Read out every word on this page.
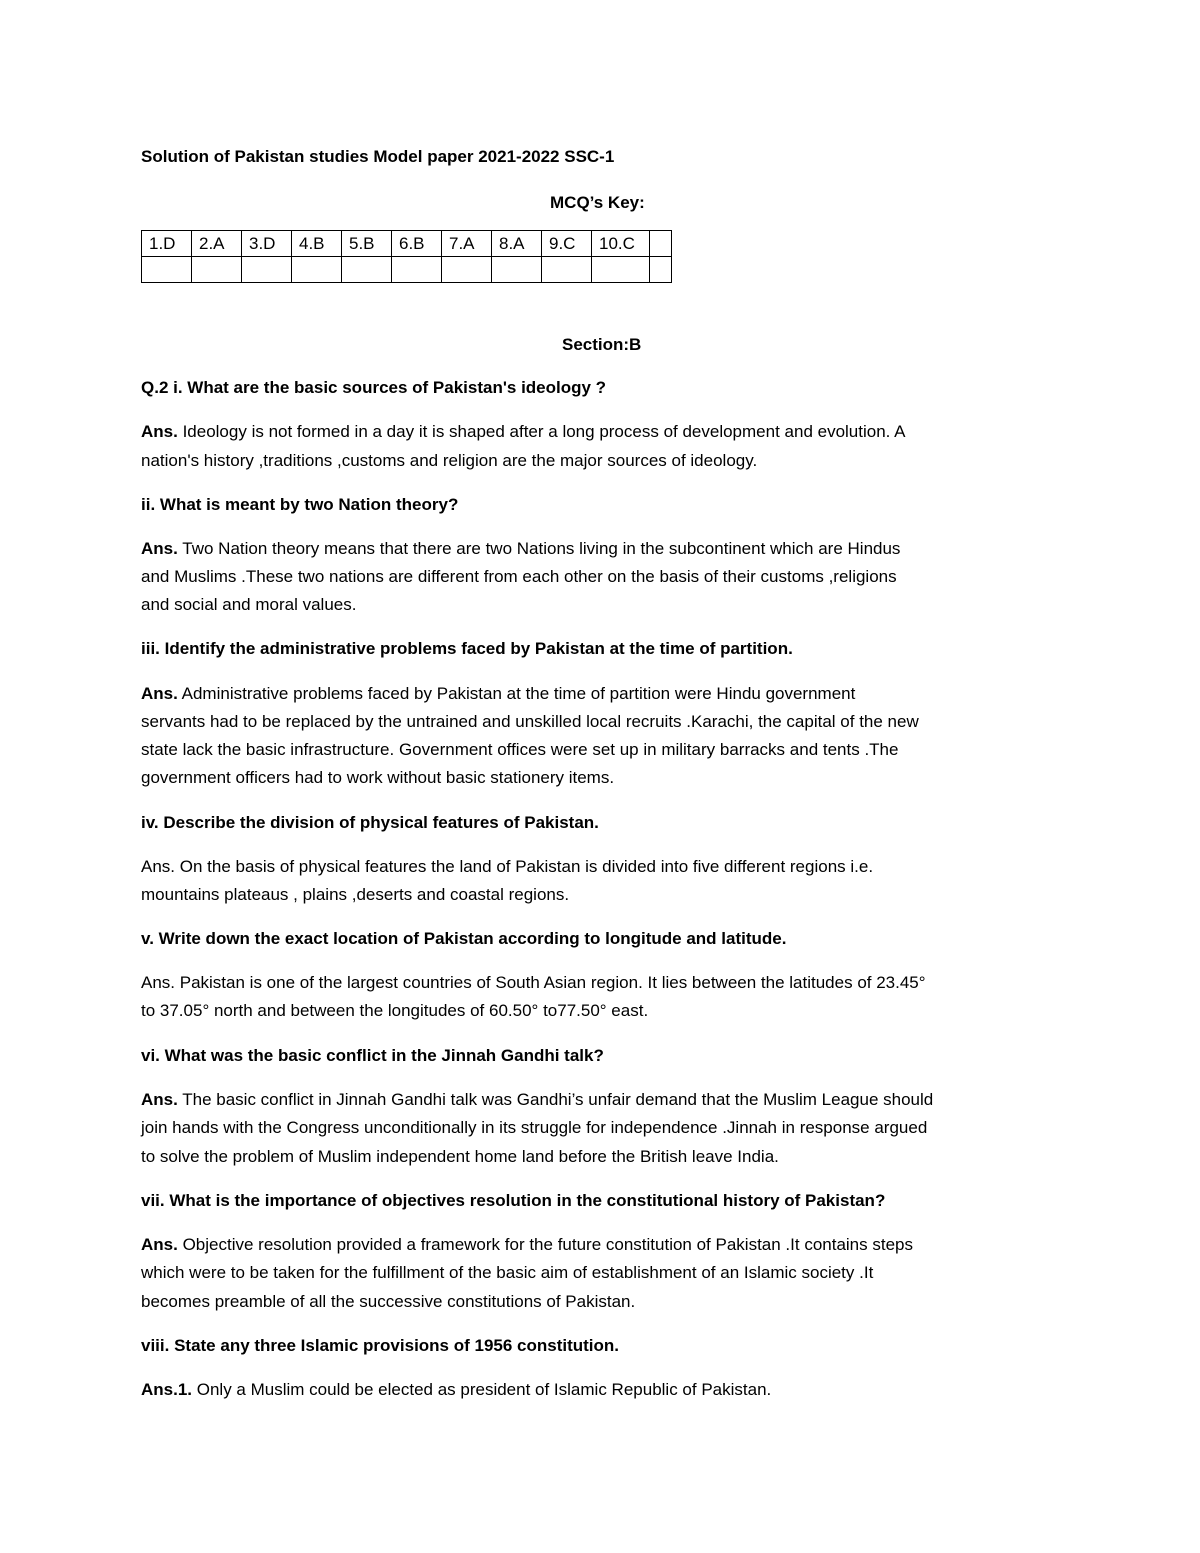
Solution of Pakistan studies Model paper 2021-2022 SSC-1
MCQ’s Key:
1.D	2.A	3.D	4.B	5.B	6.B	7.A	8.A	9.C	10.C	

Section:B
Q.2 i. What are the basic sources of Pakistan's ideology ?
Ans. Ideology is not formed in a day it is shaped after a long process of development and evolution. A
nation's history ,traditions ,customs and religion are the major sources of ideology.
ii. What is meant by two Nation theory?
Ans. Two Nation theory means that there are two Nations living in the subcontinent which are Hindus
and Muslims .These two nations are different from each other on the basis of their customs ,religions
and social and moral values.
iii. Identify the administrative problems faced by Pakistan at the time of partition.
Ans. Administrative problems faced by Pakistan at the time of partition were Hindu government
servants had to be replaced by the untrained and unskilled local recruits .Karachi, the capital of the new
state lack the basic infrastructure. Government offices were set up in military barracks and tents .The
government officers had to work without basic stationery items.
iv. Describe the division of physical features of Pakistan.
Ans. On the basis of physical features the land of Pakistan is divided into five different regions i.e.
mountains plateaus , plains ,deserts and coastal regions.
v. Write down the exact location of Pakistan according to longitude and latitude.
Ans. Pakistan is one of the largest countries of South Asian region. It lies between the latitudes of 23.45°
to 37.05° north and between the longitudes of 60.50° to77.50° east.
vi. What was the basic conflict in the Jinnah Gandhi talk?
Ans. The basic conflict in Jinnah Gandhi talk was Gandhi’s unfair demand that the Muslim League should
join hands with the Congress unconditionally in its struggle for independence .Jinnah in response argued
to solve the problem of Muslim independent home land before the British leave India.
vii. What is the importance of objectives resolution in the constitutional history of Pakistan?
Ans. Objective resolution provided a framework for the future constitution of Pakistan .It contains steps
which were to be taken for the fulfillment of the basic aim of establishment of an Islamic society .It
becomes preamble of all the successive constitutions of Pakistan.
viii. State any three Islamic provisions of 1956 constitution.
Ans.1. Only a Muslim could be elected as president of Islamic Republic of Pakistan.
